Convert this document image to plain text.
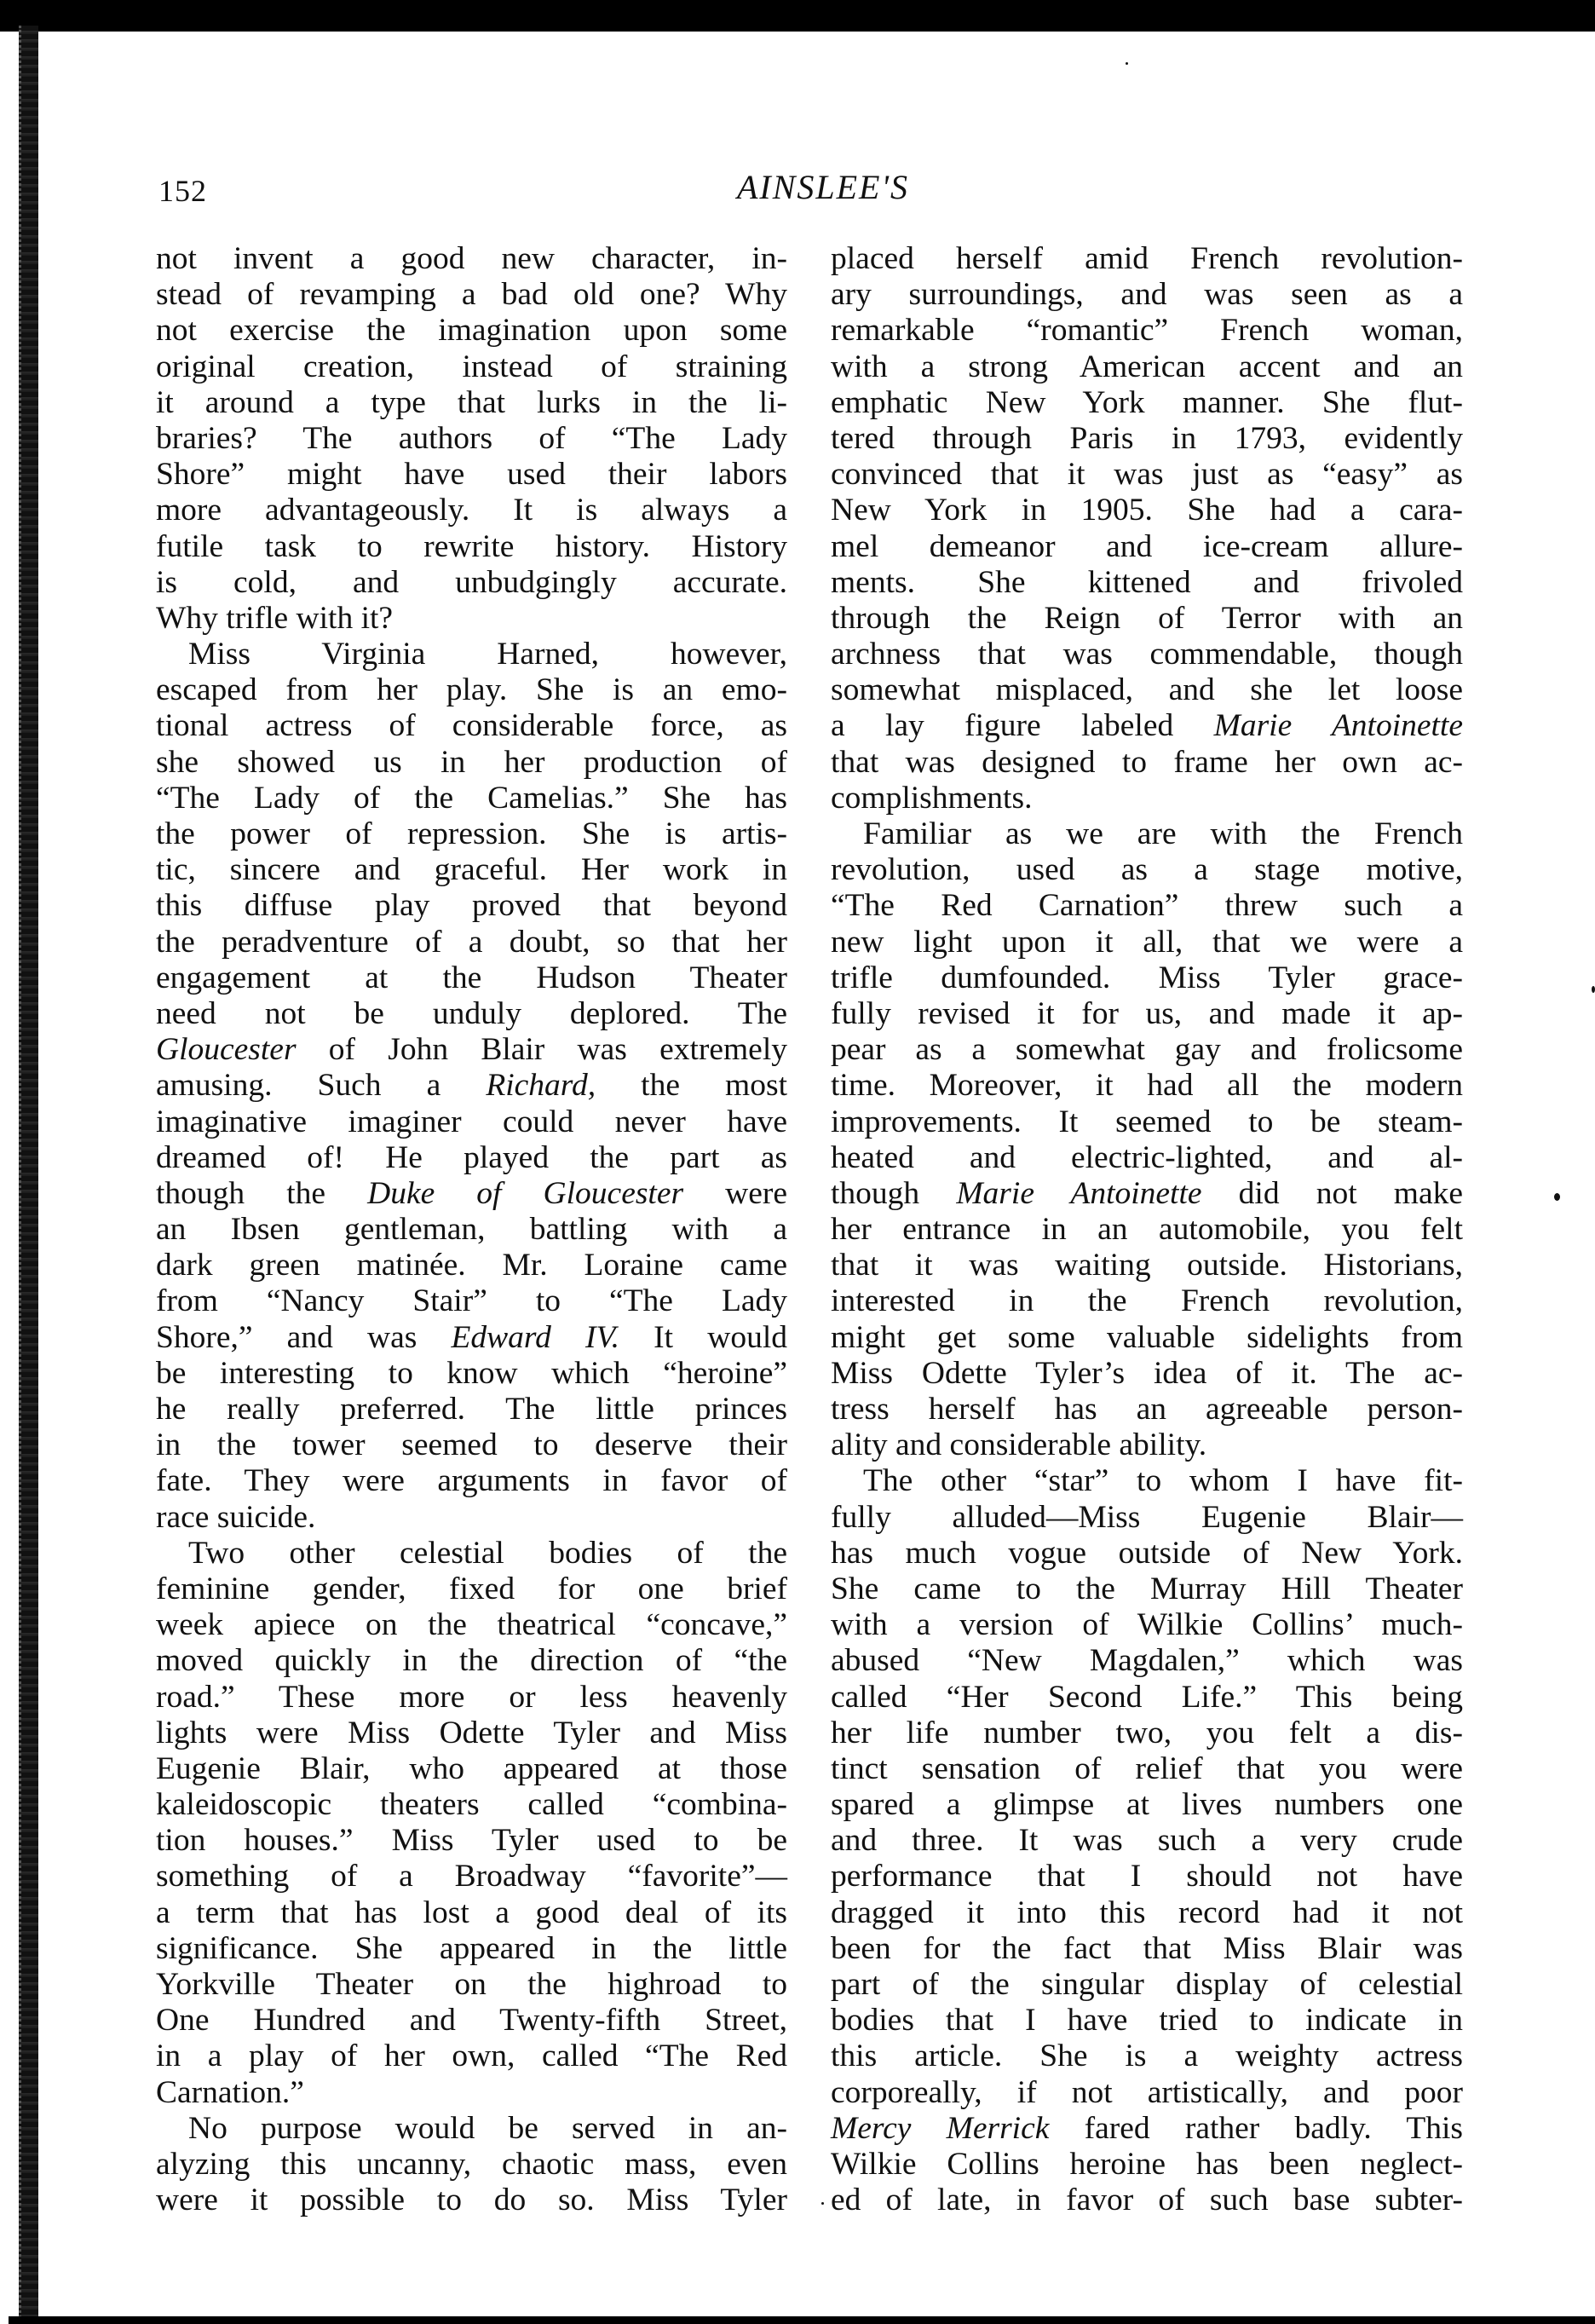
152	AINSLEE'S
not invent a good new character, in-
stead of revamping a bad old one? Why
not exercise the imagination upon some
original creation, instead of straining
it around a type that lurks in the li-
braries? The authors of “The Lady
Shore” might have used their labors
more advantageously. It is always a
futile task to rewrite history. History
is cold, and unbudgingly accurate.
Why trifle with it?
Miss Virginia Harned, however,
escaped from her play. She is an emo-
tional actress of considerable force, as
she showed us in her production of
“The Lady of the Camelias.” She has
the power of repression. She is artis-
tic, sincere and graceful. Her work in
this diffuse play proved that beyond
the peradventure of a doubt, so that her
engagement at the Hudson Theater
need not be unduly deplored. The
Gloucester of John Blair was extremely
amusing. Such a Richard, the most
imaginative imaginer could never have
dreamed of! He played the part as
though the Duke of Gloucester were
an Ibsen gentleman, battling with a
dark green matinée. Mr. Loraine came
from “Nancy Stair” to “The Lady
Shore,” and was Edward IV. It would
be interesting to know which “heroine”
he really preferred. The little princes
in the tower seemed to deserve their
fate. They were arguments in favor of
race suicide.
Two other celestial bodies of the
feminine gender, fixed for one brief
week apiece on the theatrical “concave,”
moved quickly in the direction of “the
road.” These more or less heavenly
lights were Miss Odette Tyler and Miss
Eugenie Blair, who appeared at those
kaleidoscopic theaters called “combina-
tion houses.” Miss Tyler used to be
something of a Broadway “favorite”—
a term that has lost a good deal of its
significance. She appeared in the little
Yorkville Theater on the highroad to
One Hundred and Twenty-fifth Street,
in a play of her own, called “The Red
Carnation.”
No purpose would be served in an-
alyzing this uncanny, chaotic mass, even
were it possible to do so. Miss Tyler
placed herself amid French revolution-
ary surroundings, and was seen as a
remarkable “romantic” French woman,
with a strong American accent and an
emphatic New York manner. She flut-
tered through Paris in 1793, evidently
convinced that it was just as “easy” as
New York in 1905. She had a cara-
mel demeanor and ice-cream allure-
ments. She kittened and frivoled
through the Reign of Terror with an
archness that was commendable, though
somewhat misplaced, and she let loose
a lay figure labeled Marie Antoinette
that was designed to frame her own ac-
complishments.
Familiar as we are with the French
revolution, used as a stage motive,
“The Red Carnation” threw such a
new light upon it all, that we were a
trifle dumfounded. Miss Tyler grace-
fully revised it for us, and made it ap-
pear as a somewhat gay and frolicsome
time. Moreover, it had all the modern
improvements. It seemed to be steam-
heated and electric-lighted, and al-
though Marie Antoinette did not make
her entrance in an automobile, you felt
that it was waiting outside. Historians,
interested in the French revolution,
might get some valuable sidelights from
Miss Odette Tyler’s idea of it. The ac-
tress herself has an agreeable person-
ality and considerable ability.
The other “star” to whom I have fit-
fully alluded—Miss Eugenie Blair—
has much vogue outside of New York.
She came to the Murray Hill Theater
with a version of Wilkie Collins’ much-
abused “New Magdalen,” which was
called “Her Second Life.” This being
her life number two, you felt a dis-
tinct sensation of relief that you were
spared a glimpse at lives numbers one
and three. It was such a very crude
performance that I should not have
dragged it into this record had it not
been for the fact that Miss Blair was
part of the singular display of celestial
bodies that I have tried to indicate in
this article. She is a weighty actress
corporeally, if not artistically, and poor
Mercy Merrick fared rather badly. This
Wilkie Collins heroine has been neglect-
ed of late, in favor of such base subter-
